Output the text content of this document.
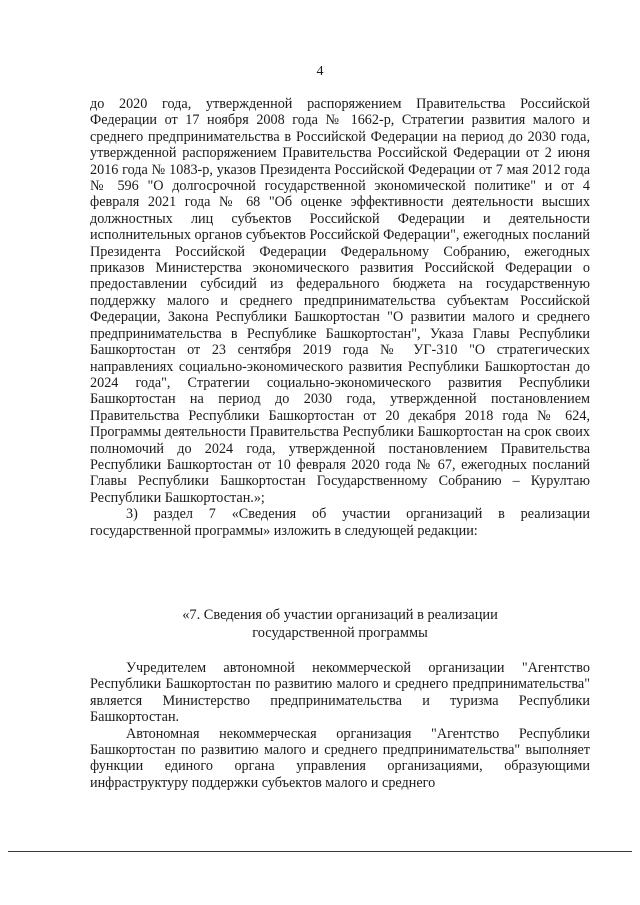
4

до 2020 года, утвержденной распоряжением Правительства Российской Федерации от 17 ноября 2008 года № 1662-р, Стратегии развития малого и среднего предпринимательства в Российской Федерации на период до 2030 года, утвержденной распоряжением Правительства Российской Федерации от 2 июня 2016 года № 1083-р, указов Президента Российской Федерации от 7 мая 2012 года № 596 "О долгосрочной государственной экономической политике" и от 4 февраля 2021 года № 68 "Об оценке эффективности деятельности высших должностных лиц субъектов Российской Федерации и деятельности исполнительных органов субъектов Российской Федерации", ежегодных посланий Президента Российской Федерации Федеральному Собранию, ежегодных приказов Министерства экономического развития Российской Федерации о предоставлении субсидий из федерального бюджета на государственную поддержку малого и среднего предпринимательства субъектам Российской Федерации, Закона Республики Башкортостан "О развитии малого и среднего предпринимательства в Республике Башкортостан", Указа Главы Республики Башкортостан от 23 сентября 2019 года № УГ-310 "О стратегических направлениях социально-экономического развития Республики Башкортостан до 2024 года", Стратегии социально-экономического развития Республики Башкортостан на период до 2030 года, утвержденной постановлением Правительства Республики Башкортостан от 20 декабря 2018 года № 624, Программы деятельности Правительства Республики Башкортостан на срок своих полномочий до 2024 года, утвержденной постановлением Правительства Республики Башкортостан от 10 февраля 2020 года № 67, ежегодных посланий Главы Республики Башкортостан Государственному Собранию – Курултаю Республики Башкортостан.»;

3) раздел 7 «Сведения об участии организаций в реализации государственной программы» изложить в следующей редакции:

«7. Сведения об участии организаций в реализации
государственной программы

Учредителем автономной некоммерческой организации "Агентство Республики Башкортостан по развитию малого и среднего предпринимательства" является Министерство предпринимательства и туризма Республики Башкортостан.

Автономная некоммерческая организация "Агентство Республики Башкортостан по развитию малого и среднего предпринимательства" выполняет функции единого органа управления организациями, образующими инфраструктуру поддержки субъектов малого и среднего
